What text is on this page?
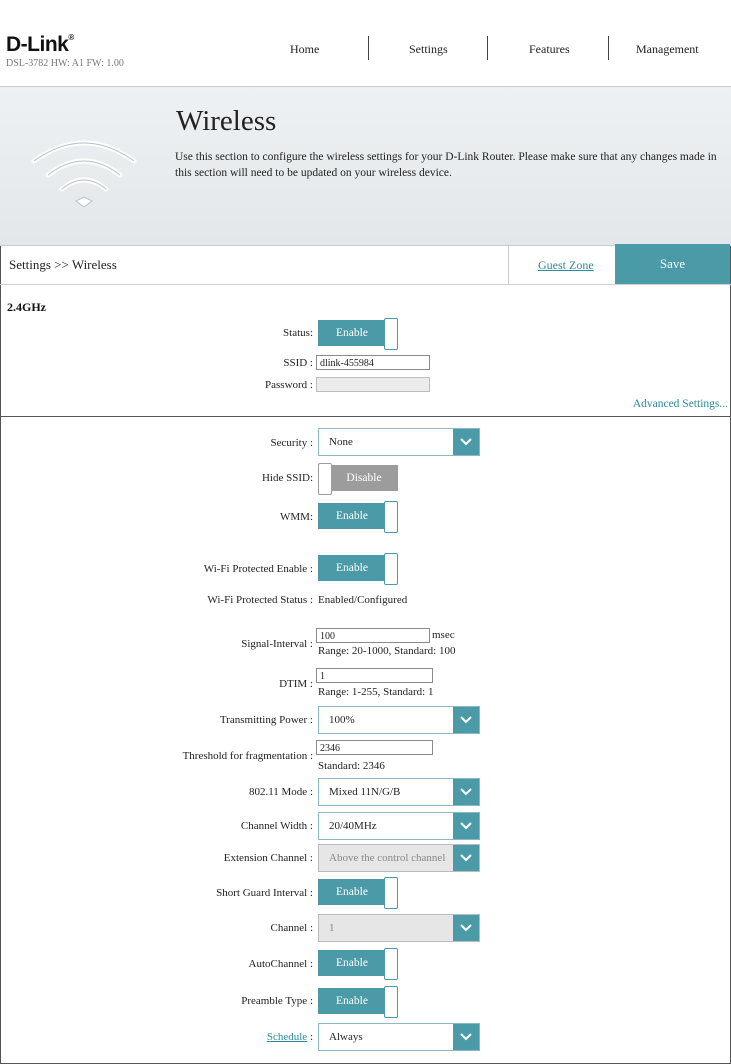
D-Link®
DSL-3782 HW: A1 FW: 1.00
Home	Settings	Features	Management
Wireless
Use this section to configure the wireless settings for your D-Link Router. Please make sure that any changes made in this section will need to be updated on your wireless device.
Settings >> Wireless	Guest Zone	Save
2.4GHz
Status:	Enable
SSID : dlink-455984
Password :
Advanced Settings...
Security : None
Hide SSID:	Disable
WMM:	Enable
Wi-Fi Protected Enable :	Enable
Wi-Fi Protected Status : Enabled/Configured
Signal-Interval :
100	msec
Range: 20-1000, Standard: 100
DTIM :
1
Range: 1-255, Standard: 1
Transmitting Power : 100%
Threshold for fragmentation :
2346
Standard: 2346
802.11 Mode : Mixed 11N/G/B
Channel Width : 20/40MHz
Extension Channel : Above the control channel
Short Guard Interval :	Enable
Channel : 1
AutoChannel :	Enable
Preamble Type :	Enable
Schedule : Always
